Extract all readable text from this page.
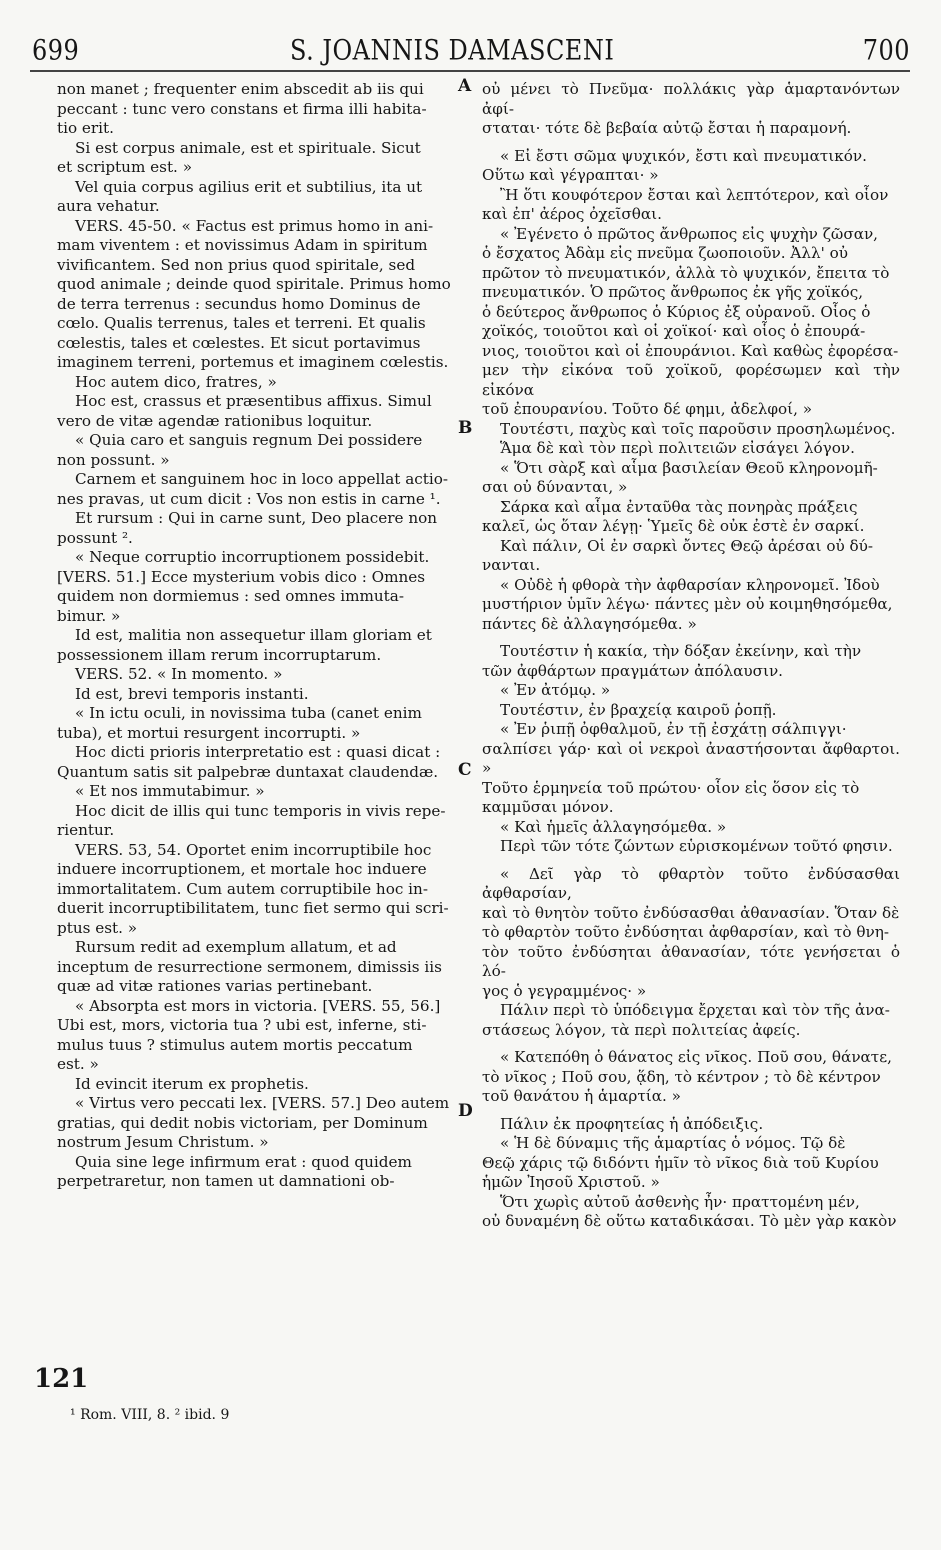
699	S. JOANNIS DAMASCENI	700

non manet ; frequenter enim abscedit ab iis qui

peccant : tunc vero constans et firma illi habita-

tio erit.

Si est corpus animale, est et spirituale. Sicut

et scriptum est. »

Vel quia corpus agilius erit et subtilius, ita ut

aura vehatur.

VERS. 45-50. « Factus est primus homo in ani-

mam viventem : et novissimus Adam in spiritum

vivificantem. Sed non prius quod spiritale, sed

quod animale ; deinde quod spiritale. Primus homo

de terra terrenus : secundus homo Dominus de

cœlo. Qualis terrenus, tales et terreni. Et qualis

cœlestis, tales et cœlestes. Et sicut portavimus

imaginem terreni, portemus et imaginem cœlestis.

Hoc autem dico, fratres, »

Hoc est, crassus et præsentibus affixus. Simul

vero de vitæ agendæ rationibus loquitur.

« Quia caro et sanguis regnum Dei possidere

non possunt. »

Carnem et sanguinem hoc in loco appellat actio-

nes pravas, ut cum dicit : Vos non estis in carne ¹.

Et rursum : Qui in carne sunt, Deo placere non

possunt ².

« Neque corruptio incorruptionem possidebit.

[VERS. 51.] Ecce mysterium vobis dico : Omnes

quidem non dormiemus : sed omnes immuta-

bimur. »

Id est, malitia non assequetur illam gloriam et

possessionem illam rerum incorruptarum.

VERS. 52. « In momento. »

Id est, brevi temporis instanti.

« In ictu oculi, in novissima tuba (canet enim

tuba), et mortui resurgent incorrupti. »

Hoc dicti prioris interpretatio est : quasi dicat :

Quantum satis sit palpebræ duntaxat claudendæ.

« Et nos immutabimur. »

Hoc dicit de illis qui tunc temporis in vivis repe-

rientur.

VERS. 53, 54. Oportet enim incorruptibile hoc

induere incorruptionem, et mortale hoc induere

immortalitatem. Cum autem corruptibile hoc in-

duerit incorruptibilitatem, tunc fiet sermo qui scri-

ptus est. »

Rursum redit ad exemplum allatum, et ad

inceptum de resurrectione sermonem, dimissis iis

quæ ad vitæ rationes varias pertinebant.

« Absorpta est mors in victoria. [VERS. 55, 56.]

Ubi est, mors, victoria tua ? ubi est, inferne, sti-

mulus tuus ? stimulus autem mortis peccatum

est. »

Id evincit iterum ex prophetis.

« Virtus vero peccati lex. [VERS. 57.] Deo autem

gratias, qui dedit nobis victoriam, per Dominum

nostrum Jesum Christum. »

Quia sine lege infirmum erat : quod quidem

perpetraretur, non tamen ut damnationi ob-

οὐ μένει τὸ Πνεῦμα· πολλάκις γὰρ ἁμαρτανόντων ἀφί-

σταται· τότε δὲ βεβαία αὐτῷ ἔσται ἡ παραμονή.

« Εἰ ἔστι σῶμα ψυχικόν, ἔστι καὶ πνευματικόν.

Οὕτω καὶ γέγραπται· »

Ἢ ὅτι κουφότερον ἔσται καὶ λεπτότερον, καὶ οἷον

καὶ ἐπ' ἀέρος ὀχεῖσθαι.

« Ἐγένετο ὁ πρῶτος ἄνθρωπος εἰς ψυχὴν ζῶσαν,

ὁ ἔσχατος Ἀδὰμ εἰς πνεῦμα ζωοποιοῦν. Ἀλλ' οὐ

πρῶτον τὸ πνευματικόν, ἀλλὰ τὸ ψυχικόν, ἔπειτα τὸ

πνευματικόν. Ὁ πρῶτος ἄνθρωπος ἐκ γῆς χοϊκός,

ὁ δεύτερος ἄνθρωπος ὁ Κύριος ἐξ οὐρανοῦ. Οἷος ὁ

χοϊκός, τοιοῦτοι καὶ οἱ χοϊκοί· καὶ οἷος ὁ ἐπουρά-

νιος, τοιοῦτοι καὶ οἱ ἐπουράνιοι. Καὶ καθὼς ἐφορέσα-

μεν τὴν εἰκόνα τοῦ χοϊκοῦ, φορέσωμεν καὶ τὴν εἰκόνα

τοῦ ἐπουρανίου. Τοῦτο δέ φημι, ἀδελφοί, »

Τουτέστι, παχὺς καὶ τοῖς παροῦσιν προσηλωμένος.

Ἅμα δὲ καὶ τὸν περὶ πολιτειῶν εἰσάγει λόγον.

« Ὅτι σὰρξ καὶ αἷμα βασιλείαν Θεοῦ κληρονομῆ-

σαι οὐ δύνανται, »

Σάρκα καὶ αἷμα ἐνταῦθα τὰς πονηρὰς πράξεις

καλεῖ, ὡς ὅταν λέγῃ· Ὑμεῖς δὲ οὐκ ἐστὲ ἐν σαρκί.

Καὶ πάλιν, Οἱ ἐν σαρκὶ ὄντες Θεῷ ἀρέσαι οὐ δύ-

νανται.

« Οὐδὲ ἡ φθορὰ τὴν ἀφθαρσίαν κληρονομεῖ. Ἰδοὺ

μυστήριον ὑμῖν λέγω· πάντες μὲν οὐ κοιμηθησόμεθα,

πάντες δὲ ἀλλαγησόμεθα. »

Τουτέστιν ἡ κακία, τὴν δόξαν ἐκείνην, καὶ τὴν

τῶν ἀφθάρτων πραγμάτων ἀπόλαυσιν.

« Ἐν ἀτόμῳ. »

Τουτέστιν, ἐν βραχείᾳ καιροῦ ῥοπῇ.

« Ἐν ῥιπῇ ὀφθαλμοῦ, ἐν τῇ ἐσχάτῃ σάλπιγγι·

σαλπίσει γάρ· καὶ οἱ νεκροὶ ἀναστήσονται ἄφθαρτοι. »

Τοῦτο ἑρμηνεία τοῦ πρώτου· οἷον εἰς ὅσον εἰς τὸ

καμμῦσαι μόνον.

« Καὶ ἡμεῖς ἀλλαγησόμεθα. »

Περὶ τῶν τότε ζώντων εὑρισκομένων τοῦτό φησιν.

« Δεῖ γὰρ τὸ φθαρτὸν τοῦτο ἐνδύσασθαι ἀφθαρσίαν,

καὶ τὸ θνητὸν τοῦτο ἐνδύσασθαι ἀθανασίαν. Ὅταν δὲ

τὸ φθαρτὸν τοῦτο ἐνδύσηται ἀφθαρσίαν, καὶ τὸ θνη-

τὸν τοῦτο ἐνδύσηται ἀθανασίαν, τότε γενήσεται ὁ λό-

γος ὁ γεγραμμένος· »

Πάλιν περὶ τὸ ὑπόδειγμα ἔρχεται καὶ τὸν τῆς ἀνα-

στάσεως λόγον, τὰ περὶ πολιτείας ἀφείς.

« Κατεπόθη ὁ θάνατος εἰς νῖκος. Ποῦ σου, θάνατε,

τὸ νῖκος ; Ποῦ σου, ᾅδη, τὸ κέντρον ; τὸ δὲ κέντρον

τοῦ θανάτου ἡ ἁμαρτία. »

Πάλιν ἐκ προφητείας ἡ ἀπόδειξις.

« Ἡ δὲ δύναμις τῆς ἁμαρτίας ὁ νόμος. Τῷ δὲ

Θεῷ χάρις τῷ διδόντι ἡμῖν τὸ νῖκος διὰ τοῦ Κυρίου

ἡμῶν Ἰησοῦ Χριστοῦ. »

Ὅτι χωρὶς αὐτοῦ ἀσθενὴς ἦν· πραττομένη μέν,

οὐ δυναμένη δὲ οὕτω καταδικάσαι. Τὸ μὲν γὰρ κακὸν

A
B
C
D
121
¹ Rom. VIII, 8. ² ibid. 9
